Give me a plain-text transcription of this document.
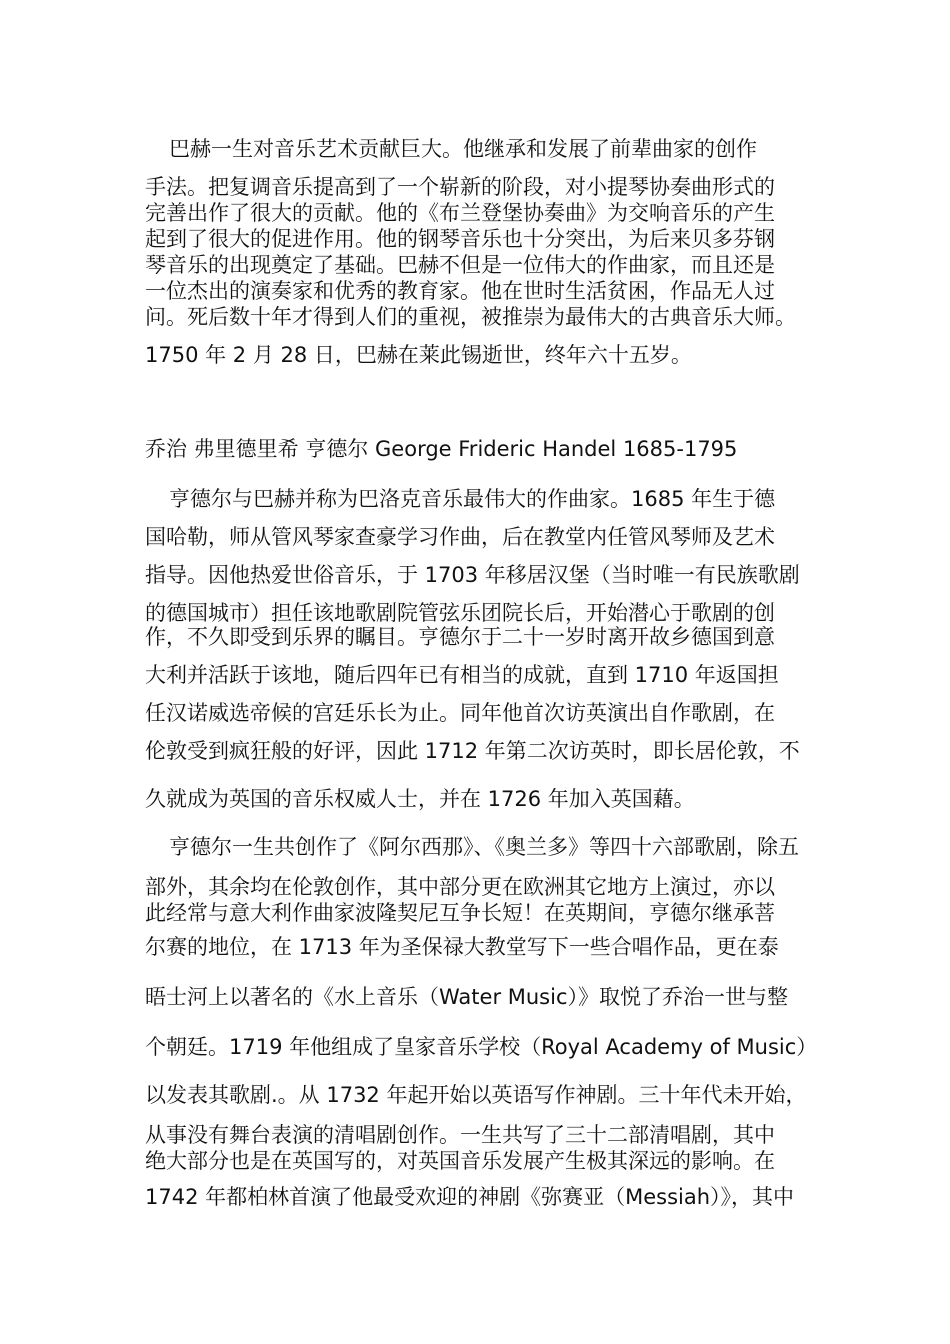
巴赫一生对音乐艺术贡献巨大。他继承和发展了前辈曲家的创作
手法。把复调音乐提高到了一个崭新的阶段，对小提琴协奏曲形式的
完善出作了很大的贡献。他的《布兰登堡协奏曲》为交响音乐的产生
起到了很大的促进作用。他的钢琴音乐也十分突出，为后来贝多芬钢
琴音乐的出现奠定了基础。巴赫不但是一位伟大的作曲家，而且还是
一位杰出的演奏家和优秀的教育家。他在世时生活贫困，作品无人过
问。死后数十年才得到人们的重视，被推崇为最伟大的古典音乐大师。
1750 年 2 月 28 日，巴赫在莱此锡逝世，终年六十五岁。
乔治 弗里德里希 亨德尔 George Frideric Handel 1685-1795
亨德尔与巴赫并称为巴洛克音乐最伟大的作曲家。1685 年生于德
国哈勒，师从管风琴家查豪学习作曲，后在教堂内任管风琴师及艺术
指导。因他热爱世俗音乐，于 1703 年移居汉堡（当时唯一有民族歌剧
的德国城市）担任该地歌剧院管弦乐团院长后，开始潜心于歌剧的创
作，不久即受到乐界的瞩目。亨德尔于二十一岁时离开故乡德国到意
大利并活跃于该地，随后四年已有相当的成就，直到 1710 年返国担
任汉诺威选帝候的宫廷乐长为止。同年他首次访英演出自作歌剧，在
伦敦受到疯狂般的好评，因此 1712 年第二次访英时，即长居伦敦，不
久就成为英国的音乐权威人士，并在 1726 年加入英国藉。
亨德尔一生共创作了《阿尔西那》、《奥兰多》等四十六部歌剧，除五
部外，其余均在伦敦创作，其中部分更在欧洲其它地方上演过，亦以
此经常与意大利作曲家波隆契尼互争长短！在英期间，亨德尔继承菩
尔赛的地位，在 1713 年为圣保禄大教堂写下一些合唱作品，更在泰
晤士河上以著名的《水上音乐（Water Music）》取悦了乔治一世与整
个朝廷。1719 年他组成了皇家音乐学校（Royal Academy of Music）
以发表其歌剧.。从 1732 年起开始以英语写作神剧。三十年代未开始，
从事没有舞台表演的清唱剧创作。一生共写了三十二部清唱剧，其中
绝大部分也是在英国写的，对英国音乐发展产生极其深远的影响。在
1742 年都柏林首演了他最受欢迎的神剧《弥赛亚（Messiah）》，其中
